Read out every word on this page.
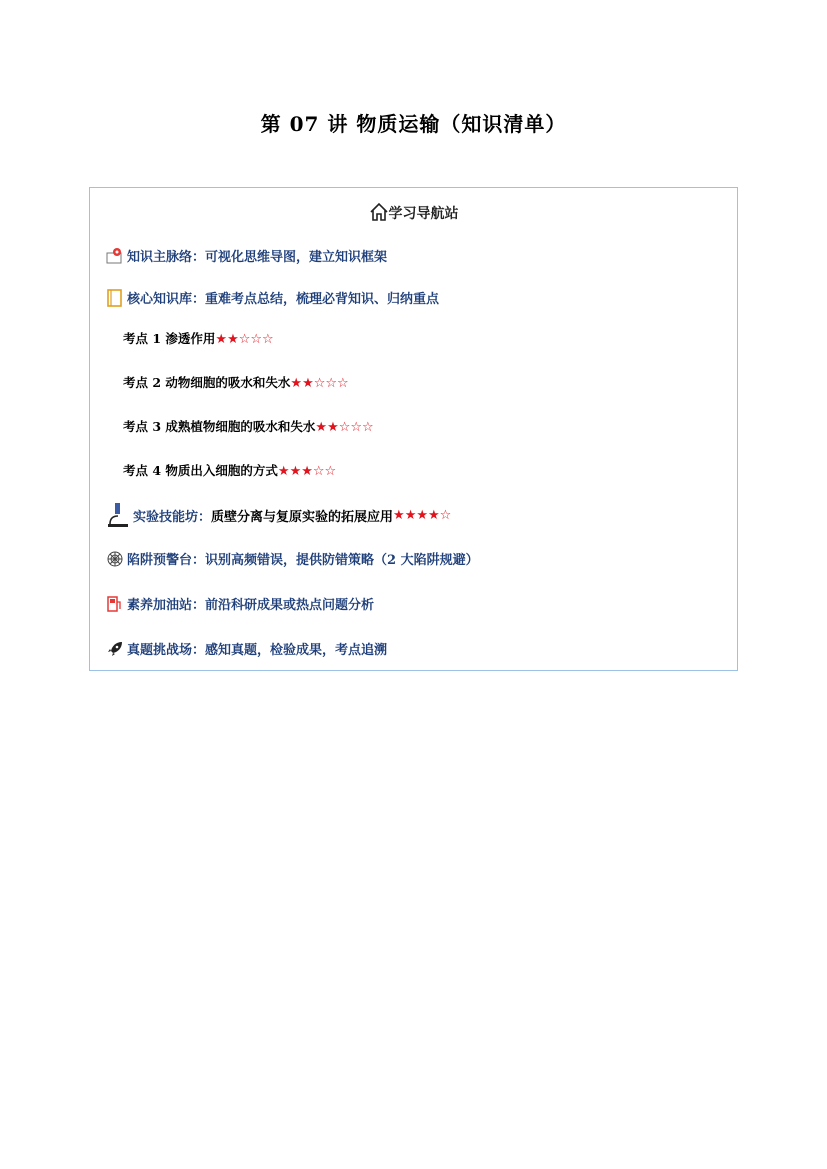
第 07 讲 物质运输（知识清单）
学习导航站
知识主脉络 ：可视化思维导图，建立知识框架
核心知识库 ：重难考点总结，梳理必背知识、归纳重点
考点 1 渗透作用★★☆☆☆
考点 2 动物细胞的吸水和失水★★☆☆☆
考点 3 成熟植物细胞的吸水和失水★★☆☆☆
考点 4 物质出入细胞的方式★★★☆☆
实验技能坊 ： 质壁分离与复原实验的拓展应用 ★★★★☆
陷阱预警台 ：识别高频错误，提供防错策略（2 大陷阱规避）
素养加油站 ：前沿科研成果或热点问题分析
真题挑战场 ：感知真题，检验成果，考点追溯
